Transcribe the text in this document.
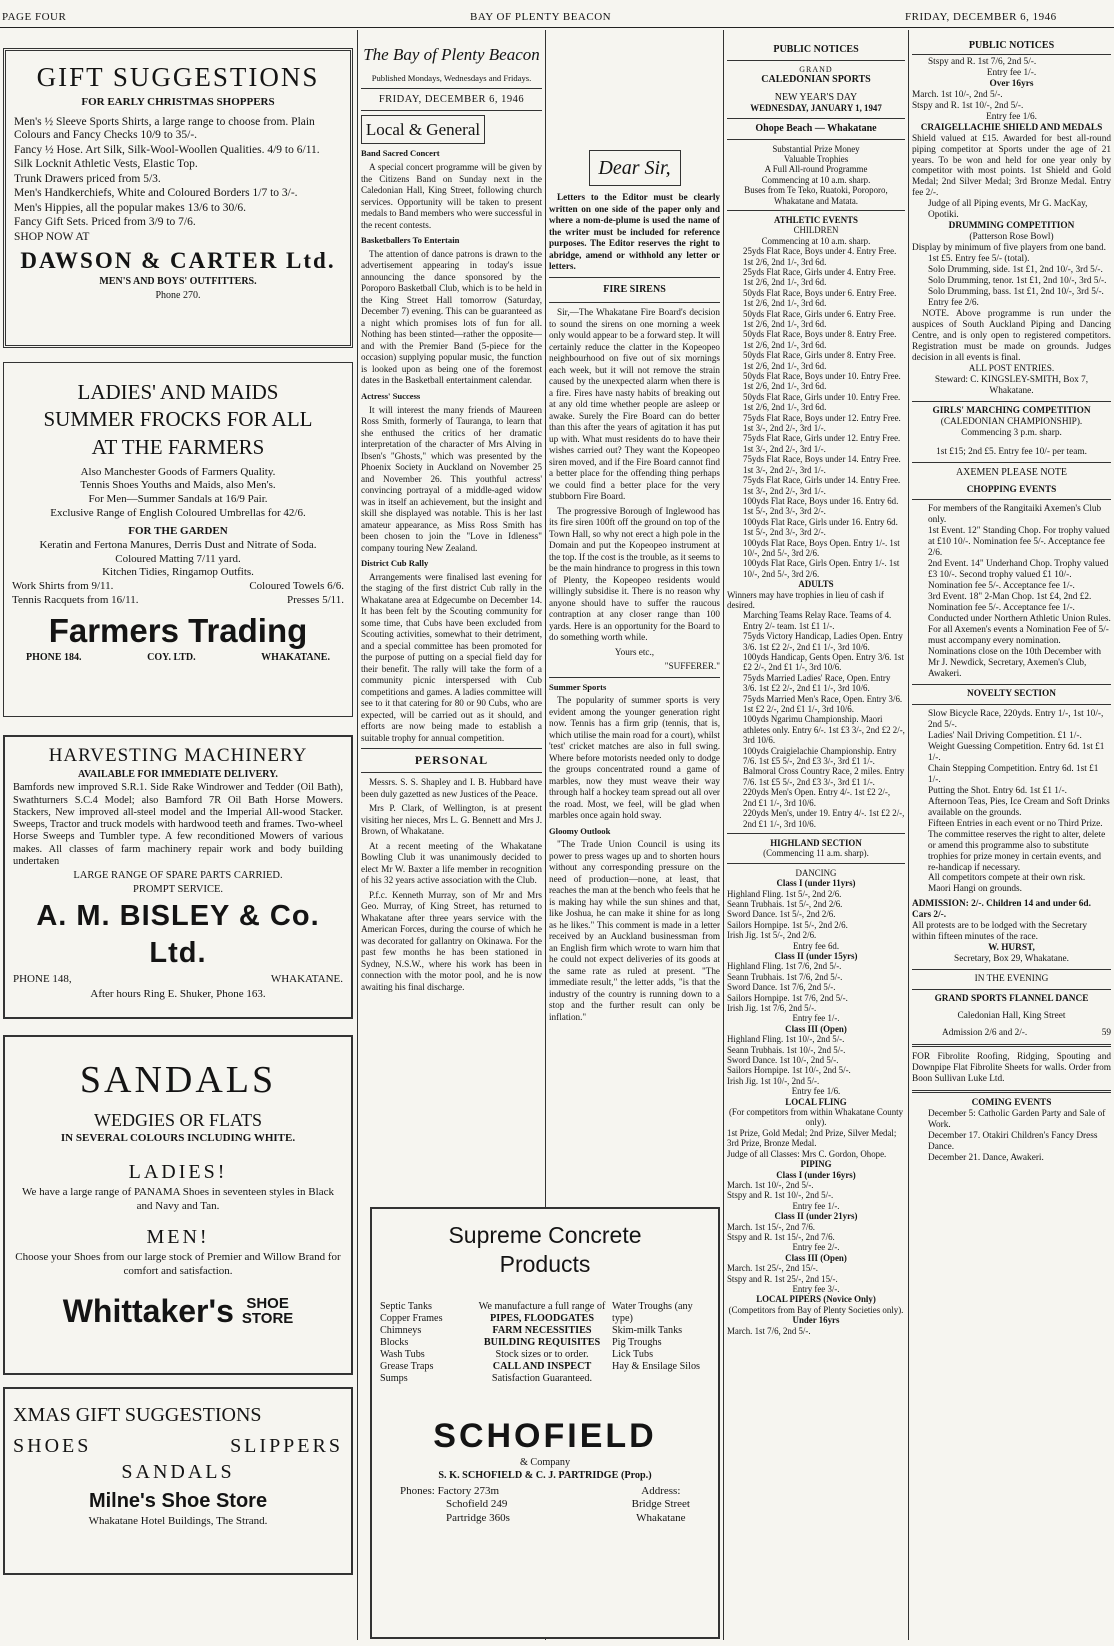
PAGE FOUR	BAY OF PLENTY BEACON	FRIDAY, DECEMBER 6, 1946

GIFT SUGGESTIONS

FOR EARLY CHRISTMAS SHOPPERS

Men's ½ Sleeve Sports Shirts, a large range to choose from. Plain Colours and Fancy Checks 10/9 to 35/-.

Fancy ½ Hose. Art Silk, Silk-Wool-Woollen Qualities. 4/9 to 6/11.

Silk Locknit Athletic Vests, Elastic Top.

Trunk Drawers priced from 5/3.

Men's Handkerchiefs, White and Coloured Borders 1/7 to 3/-.

Men's Hippies, all the popular makes 13/6 to 30/6.

Fancy Gift Sets. Priced from 3/9 to 7/6.

SHOP NOW AT

DAWSON & CARTER Ltd.

MEN'S AND BOYS' OUTFITTERS.

Phone 270.

LADIES' AND MAIDS

SUMMER FROCKS FOR ALL

AT THE FARMERS

Also Manchester Goods of Farmers Quality.

Tennis Shoes Youths and Maids, also Men's.

For Men—Summer Sandals at 16/9 Pair.

Exclusive Range of English Coloured Umbrellas for 42/6.

FOR THE GARDEN

Keratin and Fertona Manures, Derris Dust and Nitrate of Soda.

Coloured Matting 7/11 yard.

Kitchen Tidies, Ringamop Outfits.

Work Shirts from 9/11.	Coloured Towels 6/6.

Tennis Racquets from 16/11.	Presses 5/11.

Farmers Trading

PHONE 184.	COY. LTD.	WHAKATANE.

HARVESTING MACHINERY

AVAILABLE FOR IMMEDIATE DELIVERY.

Bamfords new improved S.R.1. Side Rake Windrower and Tedder (Oil Bath), Swathturners S.C.4 Model; also Bamford 7R Oil Bath Horse Mowers. Stackers, New improved all-steel model and the Imperial All-wood Stacker. Sweeps, Tractor and truck models with hardwood teeth and frames. Two-wheel Horse Sweeps and Tumbler type. A few reconditioned Mowers of various makes. All classes of farm machinery repair work and body building undertaken

LARGE RANGE OF SPARE PARTS CARRIED.

PROMPT SERVICE.

A. M. BISLEY & Co. Ltd.

PHONE 148,	WHAKATANE.

After hours Ring E. Shuker, Phone 163.

SANDALS

WEDGIES OR FLATS

IN SEVERAL COLOURS INCLUDING WHITE.

LADIES!

We have a large range of PANAMA Shoes in seventeen styles in Black and Navy and Tan.

MEN!

Choose your Shoes from our large stock of Premier and Willow Brand for comfort and satisfaction.

Whittaker's SHOE
STORE

XMAS GIFT SUGGESTIONS

SHOES	SLIPPERS

SANDALS

Milne's Shoe Store

Whakatane Hotel Buildings, The Strand.

The Bay of Plenty Beacon

Published Mondays, Wednesdays and Fridays.

FRIDAY, DECEMBER 6, 1946

Local & General

Band Sacred Concert

A special concert programme will be given by the Citizens Band on Sunday next in the Caledonian Hall, King Street, following church services. Opportunity will be taken to present medals to Band members who were successful in the recent contests.

Basketballers To Entertain

The attention of dance patrons is drawn to the advertisement appearing in today's issue announcing the dance sponsored by the Poroporo Basketball Club, which is to be held in the King Street Hall tomorrow (Saturday, December 7) evening. This can be guaranteed as a night which promises lots of fun for all. Nothing has been stinted—rather the opposite—and with the Premier Band (5-piece for the occasion) supplying popular music, the function is looked upon as being one of the foremost dates in the Basketball entertainment calendar.

Actress' Success

It will interest the many friends of Maureen Ross Smith, formerly of Tauranga, to learn that she enthused the critics of her dramatic interpretation of the character of Mrs Alving in Ibsen's "Ghosts," which was presented by the Phoenix Society in Auckland on November 25 and November 26. This youthful actress' convincing portrayal of a middle-aged widow was in itself an achievement, but the insight and skill she displayed was notable. This is her last amateur appearance, as Miss Ross Smith has been chosen to join the "Love in Idleness" company touring New Zealand.

District Cub Rally

Arrangements were finalised last evening for the staging of the first district Cub rally in the Whakatane area at Edgecumbe on December 14. It has been felt by the Scouting community for some time, that Cubs have been excluded from Scouting activities, somewhat to their detriment, and a special committee has been promoted for the purpose of putting on a special field day for their benefit. The rally will take the form of a community picnic interspersed with Cub competitions and games. A ladies committee will see to it that catering for 80 or 90 Cubs, who are expected, will be carried out as it should, and efforts are now being made to establish a suitable trophy for annual competition.

PERSONAL

Messrs. S. S. Shapley and I. B. Hubbard have been duly gazetted as new Justices of the Peace.

Mrs P. Clark, of Wellington, is at present visiting her nieces, Mrs L. G. Bennett and Mrs J. Brown, of Whakatane.

At a recent meeting of the Whakatane Bowling Club it was unanimously decided to elect Mr W. Baxter a life member in recognition of his 32 years active association with the Club.

P.f.c. Kenneth Murray, son of Mr and Mrs Geo. Murray, of King Street, has returned to Whakatane after three years service with the American Forces, during the course of which he was decorated for gallantry on Okinawa. For the past few months he has been stationed in Sydney, N.S.W., where his work has been in connection with the motor pool, and he is now awaiting his final discharge.

Dear Sir,

Letters to the Editor must be clearly written on one side of the paper only and where a nom-de-plume is used the name of the writer must be included for reference purposes. The Editor reserves the right to abridge, amend or withhold any letter or letters.

FIRE SIRENS

Sir,—The Whakatane Fire Board's decision to sound the sirens on one morning a week only would appear to be a forward step. It will certainly reduce the clatter in the Kopeopeo neighbourhood on five out of six mornings each week, but it will not remove the strain caused by the unexpected alarm when there is a fire. Fires have nasty habits of breaking out at any old time whether people are asleep or awake. Surely the Fire Board can do better than this after the years of agitation it has put up with. What must residents do to have their wishes carried out? They want the Kopeopeo siren moved, and if the Fire Board cannot find a better place for the offending thing perhaps we could find a better place for the very stubborn Fire Board.

The progressive Borough of Inglewood has its fire siren 100ft off the ground on top of the Town Hall, so why not erect a high pole in the Domain and put the Kopeopeo instrument at the top. If the cost is the trouble, as it seems to be the main hindrance to progress in this town of Plenty, the Kopeopeo residents would willingly subsidise it. There is no reason why anyone should have to suffer the raucous contraption at any closer range than 100 yards. Here is an opportunity for the Board to do something worth while.

Yours etc.,

"SUFFERER."

Summer Sports

The popularity of summer sports is very evident among the younger generation right now. Tennis has a firm grip (tennis, that is, which utilise the main road for a court), whilst 'test' cricket matches are also in full swing. Where before motorists needed only to dodge the groups concentrated round a game of marbles, now they must weave their way through half a hockey team spread out all over the road. Most, we feel, will be glad when marbles once again hold sway.

Gloomy Outlook

"The Trade Union Council is using its power to press wages up and to shorten hours without any corresponding pressure on the need of production—none, at least, that reaches the man at the bench who feels that he is making hay while the sun shines and that, like Joshua, he can make it shine for as long as he likes." This comment is made in a letter received by an Auckland businessman from an English firm which wrote to warn him that he could not expect deliveries of its goods at the same rate as ruled at present. "The immediate result," the letter adds, "is that the industry of the country is running down to a stop and the further result can only be inflation."

Supreme Concrete

Products

Septic Tanks

Copper Frames

Chimneys

Blocks

Wash Tubs

Grease Traps

Sumps

We manufacture a full range of

PIPES, FLOODGATES

FARM NECESSITIES

BUILDING REQUISITES

Stock sizes or to order.

CALL AND INSPECT

Satisfaction Guaranteed.

Water Troughs (any type)

Skim-milk Tanks

Pig Troughs

Lick Tubs

Hay & Ensilage Silos

SCHOFIELD

& Company

S. K. SCHOFIELD & C. J. PARTRIDGE (Prop.)

Phones: Factory 273m

Schofield 249

Partridge 360s

Address:

Bridge Street

Whakatane

PUBLIC NOTICES

GRAND

CALEDONIAN SPORTS

NEW YEAR'S DAY

WEDNESDAY, JANUARY 1, 1947

Ohope Beach — Whakatane

Substantial Prize Money

Valuable Trophies

A Full All-round Programme

Commencing at 10 a.m. sharp.

Buses from Te Teko, Ruatoki, Poroporo, Whakatane and Matata.

ATHLETIC EVENTS

CHILDREN

Commencing at 10 a.m. sharp.

25yds Flat Race, Boys under 4. Entry Free. 1st 2/6, 2nd 1/-, 3rd 6d.

25yds Flat Race, Girls under 4. Entry Free. 1st 2/6, 2nd 1/-, 3rd 6d.

50yds Flat Race, Boys under 6. Entry Free. 1st 2/6, 2nd 1/-, 3rd 6d.

50yds Flat Race, Girls under 6. Entry Free. 1st 2/6, 2nd 1/-, 3rd 6d.

50yds Flat Race, Boys under 8. Entry Free. 1st 2/6, 2nd 1/-, 3rd 6d.

50yds Flat Race, Girls under 8. Entry Free. 1st 2/6, 2nd 1/-, 3rd 6d.

50yds Flat Race, Boys under 10. Entry Free. 1st 2/6, 2nd 1/-, 3rd 6d.

50yds Flat Race, Girls under 10. Entry Free. 1st 2/6, 2nd 1/-, 3rd 6d.

75yds Flat Race, Boys under 12. Entry Free. 1st 3/-, 2nd 2/-, 3rd 1/-.

75yds Flat Race, Girls under 12. Entry Free. 1st 3/-, 2nd 2/-, 3rd 1/-.

75yds Flat Race, Boys under 14. Entry Free. 1st 3/-, 2nd 2/-, 3rd 1/-.

75yds Flat Race, Girls under 14. Entry Free. 1st 3/-, 2nd 2/-, 3rd 1/-.

100yds Flat Race, Boys under 16. Entry 6d. 1st 5/-, 2nd 3/-, 3rd 2/-.

100yds Flat Race, Girls under 16. Entry 6d. 1st 5/-, 2nd 3/-, 3rd 2/-.

100yds Flat Race, Boys Open. Entry 1/-. 1st 10/-, 2nd 5/-, 3rd 2/6.

100yds Flat Race, Girls Open. Entry 1/-. 1st 10/-, 2nd 5/-, 3rd 2/6.

ADULTS

Winners may have trophies in lieu of cash if desired.

Marching Teams Relay Race. Teams of 4. Entry 2/- team. 1st £1 1/-.

75yds Victory Handicap, Ladies Open. Entry 3/6. 1st £2 2/-, 2nd £1 1/-, 3rd 10/6.

100yds Handicap, Gents Open. Entry 3/6. 1st £2 2/-, 2nd £1 1/-, 3rd 10/6.

75yds Married Ladies' Race, Open. Entry 3/6. 1st £2 2/-, 2nd £1 1/-, 3rd 10/6.

75yds Married Men's Race, Open. Entry 3/6. 1st £2 2/-, 2nd £1 1/-, 3rd 10/6.

100yds Ngarimu Championship. Maori athletes only. Entry 6/-. 1st £3 3/-, 2nd £2 2/-, 3rd 10/6.

100yds Craigielachie Championship. Entry 7/6. 1st £5 5/-, 2nd £3 3/-, 3rd £1 1/-.

Balmoral Cross Country Race, 2 miles. Entry 7/6. 1st £5 5/-, 2nd £3 3/-, 3rd £1 1/-.

220yds Men's Open. Entry 4/-. 1st £2 2/-, 2nd £1 1/-, 3rd 10/6.

220yds Men's, under 19. Entry 4/-. 1st £2 2/-, 2nd £1 1/-, 3rd 10/6.

HIGHLAND SECTION

(Commencing 11 a.m. sharp).

DANCING

Class I (under 11yrs)

Highland Fling. 1st 5/-, 2nd 2/6.

Seann Trubhais. 1st 5/-, 2nd 2/6.

Sword Dance. 1st 5/-, 2nd 2/6.

Sailors Hornpipe. 1st 5/-, 2nd 2/6.

Irish Jig. 1st 5/-, 2nd 2/6.

Entry fee 6d.

Class II (under 15yrs)

Highland Fling. 1st 7/6, 2nd 5/-.

Seann Trubhais. 1st 7/6, 2nd 5/-.

Sword Dance. 1st 7/6, 2nd 5/-.

Sailors Hornpipe. 1st 7/6, 2nd 5/-.

Irish Jig. 1st 7/6, 2nd 5/-.

Entry fee 1/-.

Class III (Open)

Highland Fling. 1st 10/-, 2nd 5/-.

Seann Trubhais. 1st 10/-, 2nd 5/-.

Sword Dance. 1st 10/-, 2nd 5/-.

Sailors Hornpipe. 1st 10/-, 2nd 5/-.

Irish Jig. 1st 10/-, 2nd 5/-.

Entry fee 1/6.

LOCAL FLING

(For competitors from within Whakatane County only).

1st Prize, Gold Medal; 2nd Prize, Silver Medal; 3rd Prize, Bronze Medal.

Judge of all Classes: Mrs C. Gordon, Ohope.

PIPING

Class I (under 16yrs)

March. 1st 10/-, 2nd 5/-.

Stspy and R. 1st 10/-, 2nd 5/-.

Entry fee 1/-.

Class II (under 21yrs)

March. 1st 15/-, 2nd 7/6.

Stspy and R. 1st 15/-, 2nd 7/6.

Entry fee 2/-.

Class III (Open)

March. 1st 25/-, 2nd 15/-.

Stspy and R. 1st 25/-, 2nd 15/-.

Entry fee 3/-.

LOCAL PIPERS (Novice Only)

(Competitors from Bay of Plenty Societies only).

Under 16yrs

March. 1st 7/6, 2nd 5/-.

PUBLIC NOTICES

Stspy and R. 1st 7/6, 2nd 5/-.

Entry fee 1/-.

Over 16yrs

March. 1st 10/-, 2nd 5/-.

Stspy and R. 1st 10/-, 2nd 5/-.

Entry fee 1/6.

CRAIGELLACHIE SHIELD AND MEDALS

Shield valued at £15. Awarded for best all-round piping competitor at Sports under the age of 21 years. To be won and held for one year only by competitor with most points. 1st Shield and Gold Medal; 2nd Silver Medal; 3rd Bronze Medal. Entry fee 2/-.

Judge of all Piping events, Mr G. MacKay, Opotiki.

DRUMMING COMPETITION

(Patterson Rose Bowl)

Display by minimum of five players from one band.

1st £5. Entry fee 5/- (total).

Solo Drumming, side. 1st £1, 2nd 10/-, 3rd 5/-.

Solo Drumming, tenor. 1st £1, 2nd 10/-, 3rd 5/-.

Solo Drumming, bass. 1st £1, 2nd 10/-, 3rd 5/-. Entry fee 2/6.

NOTE. Above programme is run under the auspices of South Auckland Piping and Dancing Centre, and is only open to registered competitors. Registration must be made on grounds. Judges decision in all events is final.

ALL POST ENTRIES.

Steward: C. KINGSLEY-SMITH, Box 7, Whakatane.

GIRLS' MARCHING COMPETITION

(CALEDONIAN CHAMPIONSHIP).

Commencing 3 p.m. sharp.

1st £15; 2nd £5. Entry fee 10/- per team.

AXEMEN PLEASE NOTE

CHOPPING EVENTS

For members of the Rangitaiki Axemen's Club only.

1st Event. 12" Standing Chop. For trophy valued at £10 10/-. Nomination fee 5/-. Acceptance fee 2/6.

2nd Event. 14" Underhand Chop. Trophy valued £3 10/-. Second trophy valued £1 10/-. Nomination fee 5/-. Acceptance fee 1/-.

3rd Event. 18" 2-Man Chop. 1st £4, 2nd £2. Nomination fee 5/-. Acceptance fee 1/-.

Conducted under Northern Athletic Union Rules.

For all Axemen's events a Nomination Fee of 5/- must accompany every nomination. Nominations close on the 10th December with Mr J. Newdick, Secretary, Axemen's Club, Awakeri.

NOVELTY SECTION

Slow Bicycle Race, 220yds. Entry 1/-, 1st 10/-, 2nd 5/-.

Ladies' Nail Driving Competition. £1 1/-.

Weight Guessing Competition. Entry 6d. 1st £1 1/-.

Chain Stepping Competition. Entry 6d. 1st £1 1/-.

Putting the Shot. Entry 6d. 1st £1 1/-.

Afternoon Teas, Pies, Ice Cream and Soft Drinks available on the grounds.

Fifteen Entries in each event or no Third Prize.

The committee reserves the right to alter, delete or amend this programme also to substitute trophies for prize money in certain events, and re-handicap if necessary.

All competitors compete at their own risk.

Maori Hangi on grounds.

ADMISSION: 2/-. Children 14 and under 6d. Cars 2/-.

All protests are to be lodged with the Secretary within fifteen minutes of the race.

W. HURST,

Secretary, Box 29, Whakatane.

IN THE EVENING

GRAND SPORTS FLANNEL DANCE

Caledonian Hall, King Street

Admission 2/6 and 2/-.	59

FOR Fibrolite Roofing, Ridging, Spouting and Downpipe Flat Fibrolite Sheets for walls. Order from Boon Sullivan Luke Ltd.

COMING EVENTS

December 5: Catholic Garden Party and Sale of Work.

December 17. Otakiri Children's Fancy Dress Dance.

December 21. Dance, Awakeri.
